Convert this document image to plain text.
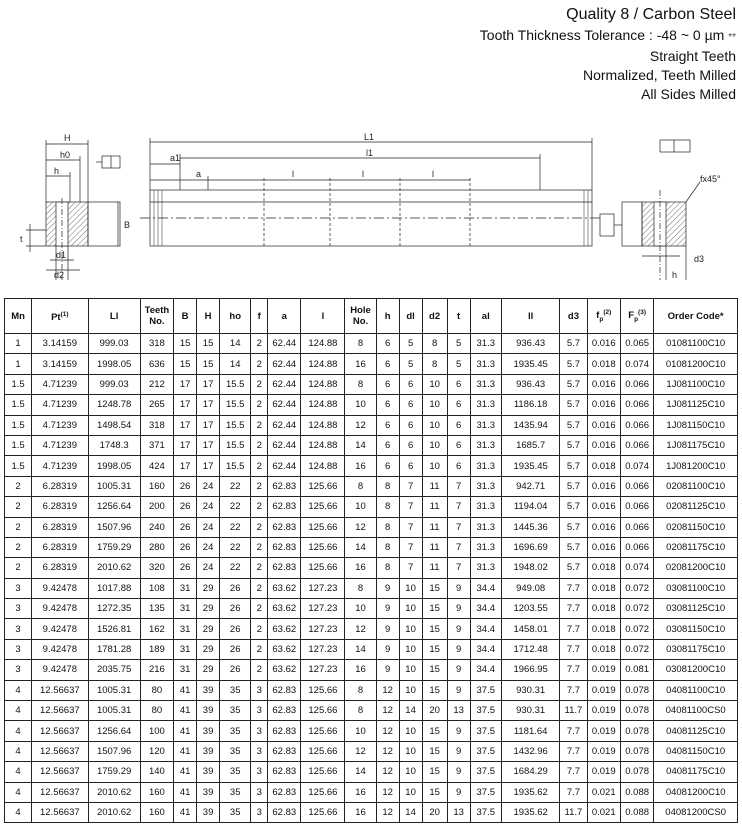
Quality 8 / Carbon Steel
Tooth Thickness Tolerance : -48 ~ 0 µm **
Straight Teeth
Normalized, Teeth Milled
All Sides Milled
H
h0
h
B
t
d1
d2
L1
l1
a1
a	l	l	l	fx45°
d3
h
Mn	Pt$^{(1)}$	Ll	Teeth
No.	B	H	ho	f	a	l	Hole
No.	h	dl	d2	t	al	ll	d3	$f_p^{(2)}$	$F_p^{(3)}$	Order Code*
1	3.14159	999.03	318	15	15	14	2	62.44	124.88	8	6	5	8	5	31.3	936.43	5.7	0.016	0.065	01081100C10
1	3.14159	1998.05	636	15	15	14	2	62.44	124.88	16	6	5	8	5	31.3	1935.45	5.7	0.018	0.074	01081200C10
1.5	4.71239	999.03	212	17	17	15.5	2	62.44	124.88	8	6	6	10	6	31.3	936.43	5.7	0.016	0.066	1J081100C10
1.5	4.71239	1248.78	265	17	17	15.5	2	62.44	124.88	10	6	6	10	6	31.3	1186.18	5.7	0.016	0.066	1J081125C10
1.5	4.71239	1498.54	318	17	17	15.5	2	62.44	124.88	12	6	6	10	6	31.3	1435.94	5.7	0.016	0.066	1J081150C10
1.5	4.71239	1748.3	371	17	17	15.5	2	62.44	124.88	14	6	6	10	6	31.3	1685.7	5.7	0.016	0.066	1J081175C10
1.5	4.71239	1998.05	424	17	17	15.5	2	62.44	124.88	16	6	6	10	6	31.3	1935.45	5.7	0.018	0.074	1J081200C10
2	6.28319	1005.31	160	26	24	22	2	62.83	125.66	8	8	7	11	7	31.3	942.71	5.7	0.016	0.066	02081100C10
2	6.28319	1256.64	200	26	24	22	2	62.83	125.66	10	8	7	11	7	31.3	1194.04	5.7	0.016	0.066	02081125C10
2	6.28319	1507.96	240	26	24	22	2	62.83	125.66	12	8	7	11	7	31.3	1445.36	5.7	0.016	0.066	02081150C10
2	6.28319	1759.29	280	26	24	22	2	62.83	125.66	14	8	7	11	7	31.3	1696.69	5.7	0.016	0.066	02081175C10
2	6.28319	2010.62	320	26	24	22	2	62.83	125.66	16	8	7	11	7	31.3	1948.02	5.7	0.018	0.074	02081200C10
3	9.42478	1017.88	108	31	29	26	2	63.62	127.23	8	9	10	15	9	34.4	949.08	7.7	0.018	0.072	03081100C10
3	9.42478	1272.35	135	31	29	26	2	63.62	127.23	10	9	10	15	9	34.4	1203.55	7.7	0.018	0.072	03081125C10
3	9.42478	1526.81	162	31	29	26	2	63.62	127.23	12	9	10	15	9	34.4	1458.01	7.7	0.018	0.072	03081150C10
3	9.42478	1781.28	189	31	29	26	2	63.62	127.23	14	9	10	15	9	34.4	1712.48	7.7	0.018	0.072	03081175C10
3	9.42478	2035.75	216	31	29	26	2	63.62	127.23	16	9	10	15	9	34.4	1966.95	7.7	0.019	0.081	03081200C10
4	12.56637	1005.31	80	41	39	35	3	62.83	125.66	8	12	10	15	9	37.5	930.31	7.7	0.019	0.078	04081100C10
4	12.56637	1005.31	80	41	39	35	3	62.83	125.66	8	12	14	20	13	37.5	930.31	11.7	0.019	0.078	04081100CS0
4	12.56637	1256.64	100	41	39	35	3	62.83	125.66	10	12	10	15	9	37.5	1181.64	7.7	0.019	0.078	04081125C10
4	12.56637	1507.96	120	41	39	35	3	62.83	125.66	12	12	10	15	9	37.5	1432.96	7.7	0.019	0.078	04081150C10
4	12.56637	1759.29	140	41	39	35	3	62.83	125.66	14	12	10	15	9	37.5	1684.29	7.7	0.019	0.078	04081175C10
4	12.56637	2010.62	160	41	39	35	3	62.83	125.66	16	12	10	15	9	37.5	1935.62	7.7	0.021	0.088	04081200C10
4	12.56637	2010.62	160	41	39	35	3	62.83	125.66	16	12	14	20	13	37.5	1935.62	11.7	0.021	0.088	04081200CS0
